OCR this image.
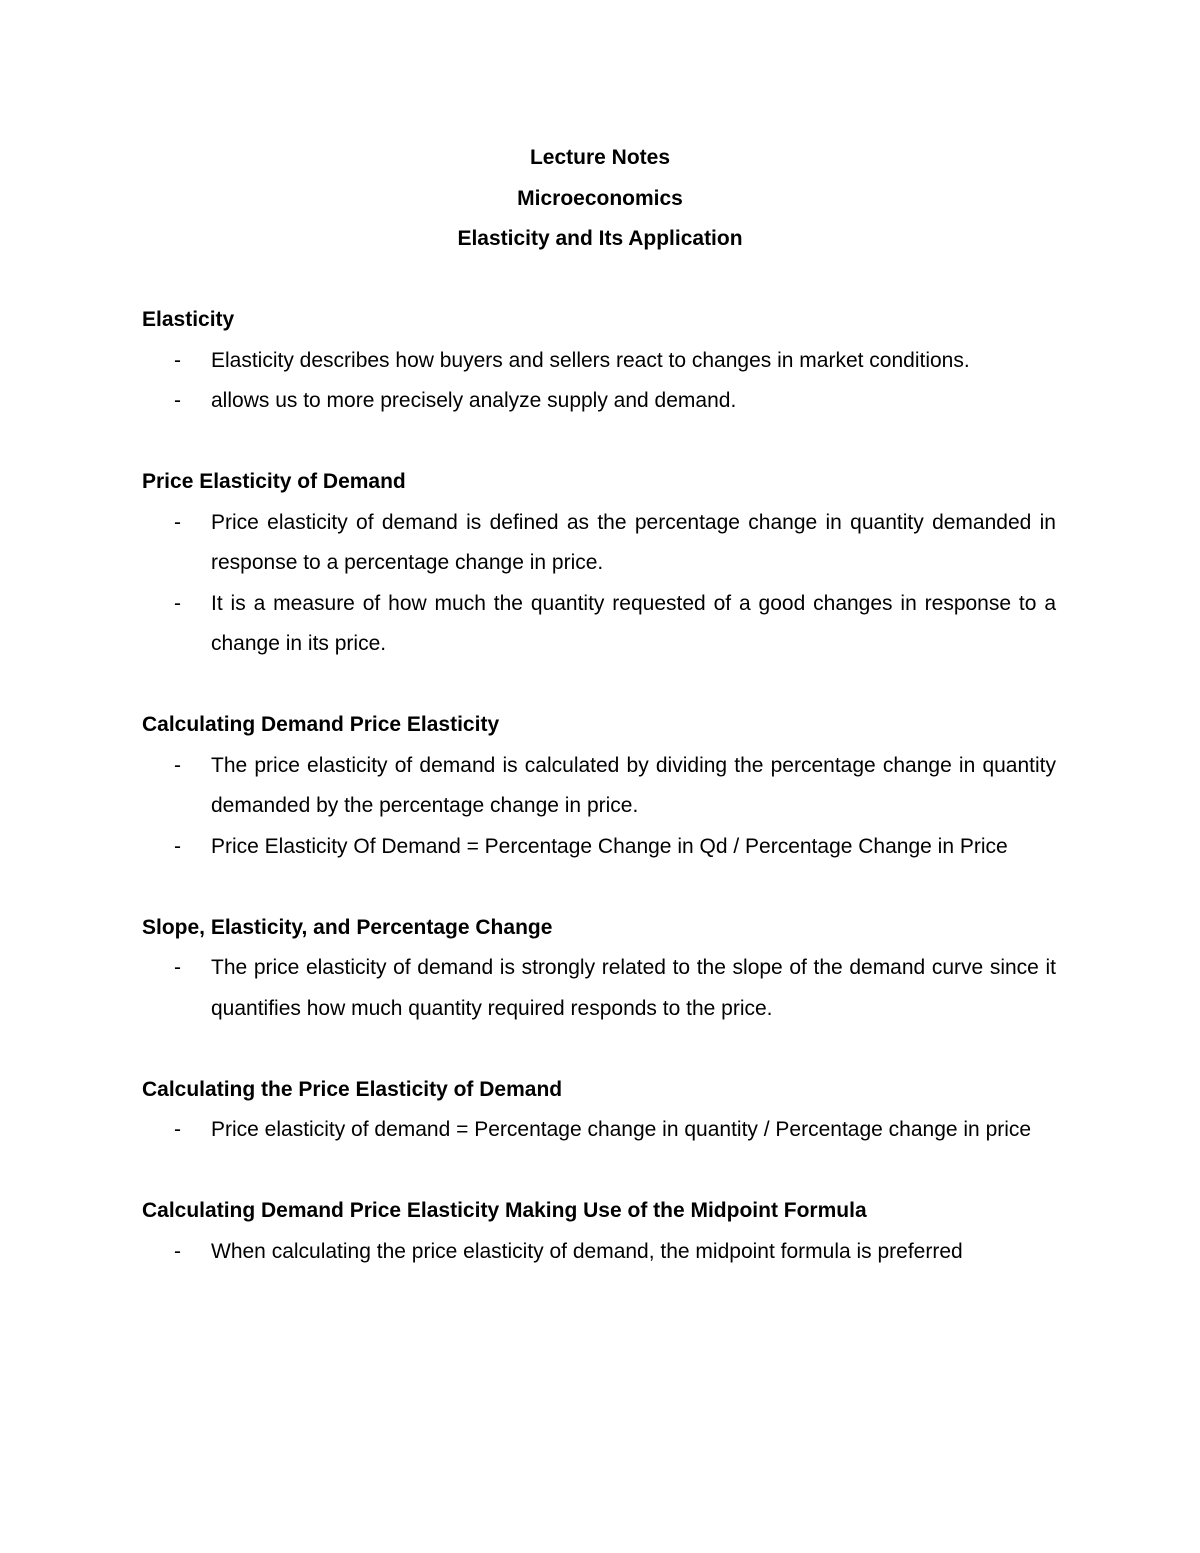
Lecture Notes

Microeconomics

Elasticity and Its Application

Elasticity

- Elasticity describes how buyers and sellers react to changes in market conditions.

- allows us to more precisely analyze supply and demand.

Price Elasticity of Demand

- Price elasticity of demand is defined as the percentage change in quantity demanded in response to a percentage change in price.

- It is a measure of how much the quantity requested of a good changes in response to a change in its price.

Calculating Demand Price Elasticity

- The price elasticity of demand is calculated by dividing the percentage change in quantity demanded by the percentage change in price.

- Price Elasticity Of Demand = Percentage Change in Qd / Percentage Change in Price

Slope, Elasticity, and Percentage Change

- The price elasticity of demand is strongly related to the slope of the demand curve since it quantifies how much quantity required responds to the price.

Calculating the Price Elasticity of Demand

- Price elasticity of demand = Percentage change in quantity / Percentage change in price

Calculating Demand Price Elasticity Making Use of the Midpoint Formula

- When calculating the price elasticity of demand, the midpoint formula is preferred
